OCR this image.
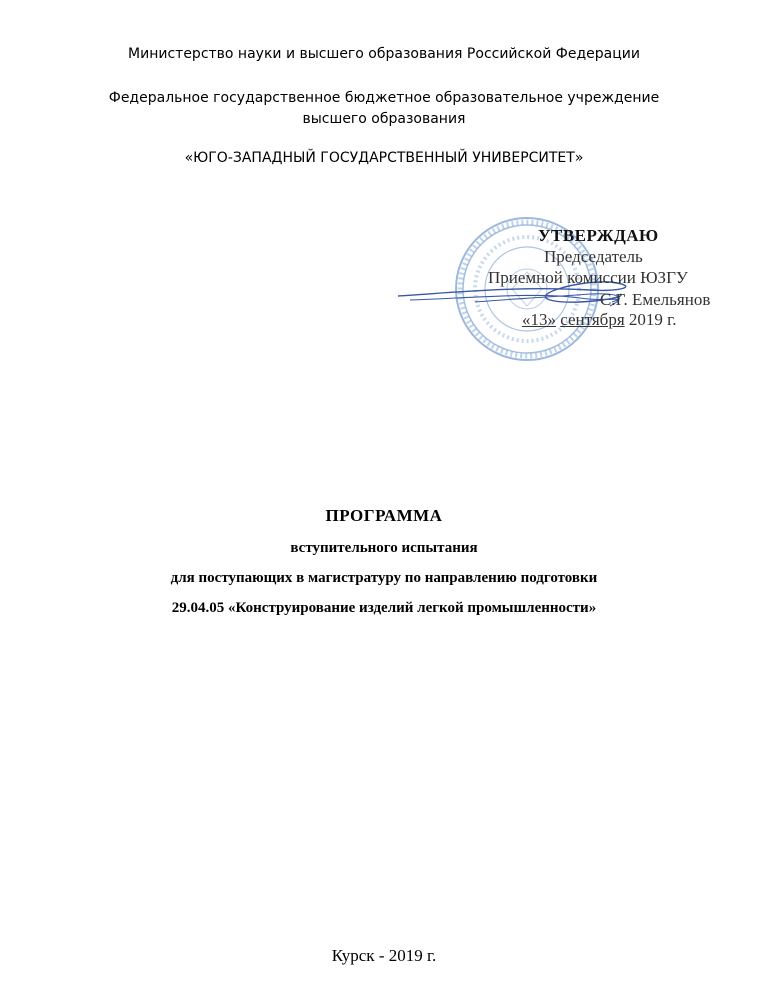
Министерство науки и высшего образования Российской Федерации
Федеральное государственное бюджетное образовательное учреждение
высшего образования
«ЮГО-ЗАПАДНЫЙ ГОСУДАРСТВЕННЫЙ УНИВЕРСИТЕТ»
УТВЕРЖДАЮ
Председатель
Приемной комиссии ЮЗГУ
С.Г. Емельянов
«13» сентября 2019 г.
ПРОГРАММА
вступительного испытания
для поступающих в магистратуру по направлению подготовки
29.04.05 «Конструирование изделий легкой промышленности»
Курск - 2019 г.
